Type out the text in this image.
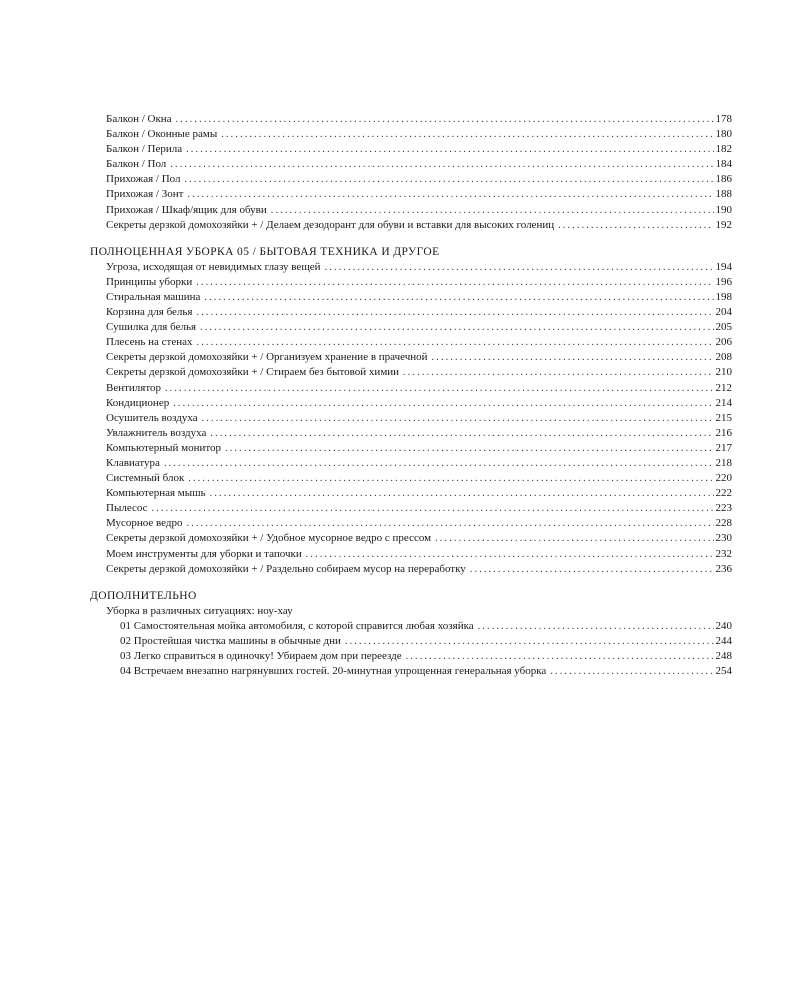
Балкон / Окна .....	178
Балкон / Оконные рамы .....	180
Балкон / Перила .....	182
Балкон / Пол .....	184
Прихожая / Пол .....	186
Прихожая / Зонт .....	188
Прихожая / Шкаф/ящик для обуви .....	190
Секреты дерзкой домохозяйки + / Делаем дезодорант для обуви и вставки для высоких голениц .....	192
ПОЛНОЦЕННАЯ УБОРКА 05 / БЫТОВАЯ ТЕХНИКА И ДРУГОЕ
Угроза, исходящая от невидимых глазу вещей .....	194
Принципы уборки .....	196
Стиральная машина .....	198
Корзина для белья .....	204
Сушилка для белья .....	205
Плесень на стенах .....	206
Секреты дерзкой домохозяйки + / Организуем хранение в прачечной .....	208
Секреты дерзкой домохозяйки + / Стираем без бытовой химии .....	210
Вентилятор .....	212
Кондиционер .....	214
Осушитель воздуха .....	215
Увлажнитель воздуха .....	216
Компьютерный монитор .....	217
Клавиатура .....	218
Системный блок .....	220
Компьютерная мышь .....	222
Пылесос .....	223
Мусорное ведро .....	228
Секреты дерзкой домохозяйки + / Удобное мусорное ведро с прессом .....	230
Моем инструменты для уборки и тапочки .....	232
Секреты дерзкой домохозяйки + / Раздельно собираем мусор на переработку .....	236
ДОПОЛНИТЕЛЬНО
Уборка в различных ситуациях: ноу-хау
01 Самостоятельная мойка автомобиля, с которой справится любая хозяйка .....	240
02 Простейшая чистка машины в обычные дни .....	244
03 Легко справиться в одиночку! Убираем дом при переезде .....	248
04 Встречаем внезапно нагрянувших гостей. 20-минутная упрощенная генеральная уборка .....	254
